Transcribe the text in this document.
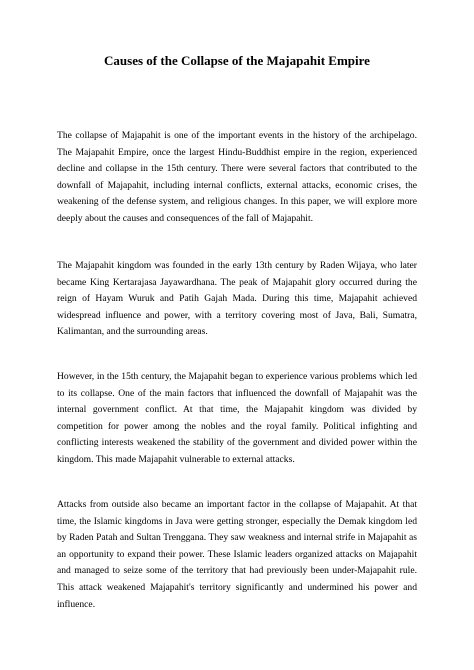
Causes of the Collapse of the Majapahit Empire

The collapse of Majapahit is one of the important events in the history of the archipelago. The Majapahit Empire, once the largest Hindu-Buddhist empire in the region, experienced decline and collapse in the 15th century. There were several factors that contributed to the downfall of Majapahit, including internal conflicts, external attacks, economic crises, the weakening of the defense system, and religious changes. In this paper, we will explore more deeply about the causes and consequences of the fall of Majapahit.

The Majapahit kingdom was founded in the early 13th century by Raden Wijaya, who later became King Kertarajasa Jayawardhana. The peak of Majapahit glory occurred during the reign of Hayam Wuruk and Patih Gajah Mada. During this time, Majapahit achieved widespread influence and power, with a territory covering most of Java, Bali, Sumatra, Kalimantan, and the surrounding areas.

However, in the 15th century, the Majapahit began to experience various problems which led to its collapse. One of the main factors that influenced the downfall of Majapahit was the internal government conflict. At that time, the Majapahit kingdom was divided by competition for power among the nobles and the royal family. Political infighting and conflicting interests weakened the stability of the government and divided power within the kingdom. This made Majapahit vulnerable to external attacks.

Attacks from outside also became an important factor in the collapse of Majapahit. At that time, the Islamic kingdoms in Java were getting stronger, especially the Demak kingdom led by Raden Patah and Sultan Trenggana. They saw weakness and internal strife in Majapahit as an opportunity to expand their power. These Islamic leaders organized attacks on Majapahit and managed to seize some of the territory that had previously been under-Majapahit rule. This attack weakened Majapahit's territory significantly and undermined his power and influence.
